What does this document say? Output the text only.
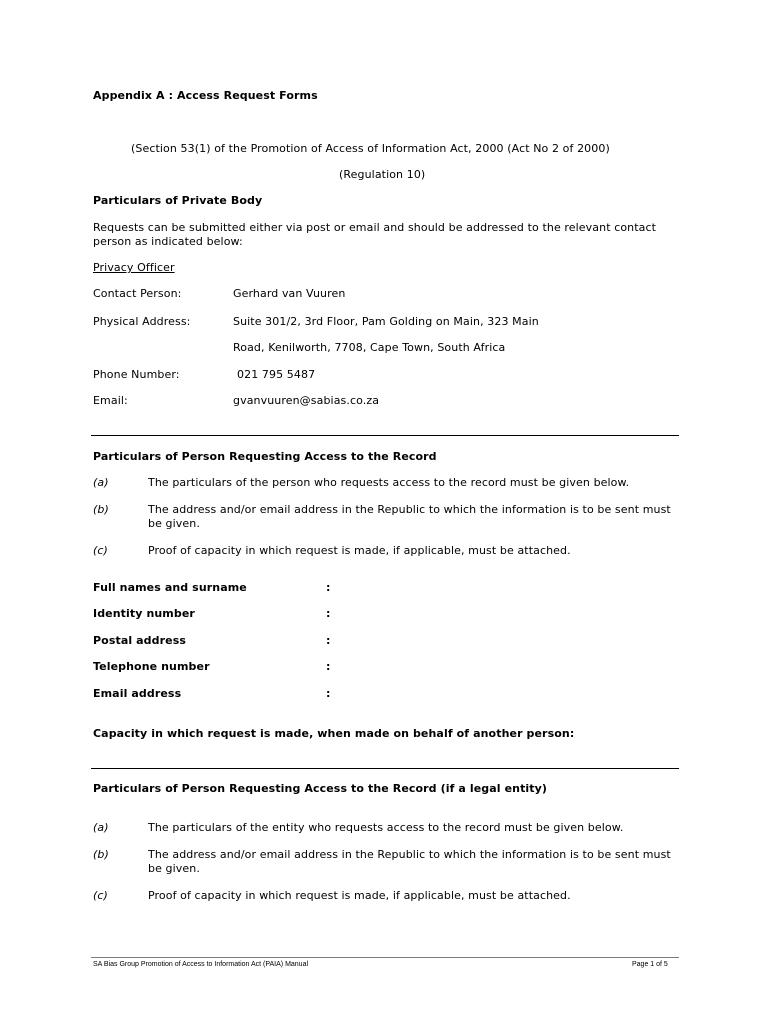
Appendix A : Access Request Forms
(Section 53(1) of the Promotion of Access of Information Act, 2000 (Act No 2 of 2000)
(Regulation 10)
Particulars of Private Body
Requests can be submitted either via post or email and should be addressed to the relevant contact person as indicated below:
Privacy Officer
Contact Person:	Gerhard van Vuuren
Physical Address:	Suite 301/2, 3rd Floor, Pam Golding on Main, 323 Main
Road, Kenilworth, 7708, Cape Town, South Africa
Phone Number:	021 795 5487
Email:	gvanvuuren@sabias.co.za
Particulars of Person Requesting Access to the Record
(a)	The particulars of the person who requests access to the record must be given below.
(b)	The address and/or email address in the Republic to which the information is to be sent must be given.
(c)	Proof of capacity in which request is made, if applicable, must be attached.
Full names and surname	:
Identity number	:
Postal address	:
Telephone number	:
Email address	:
Capacity in which request is made, when made on behalf of another person:
Particulars of Person Requesting Access to the Record (if a legal entity)
(a)	The particulars of the entity who requests access to the record must be given below.
(b)	The address and/or email address in the Republic to which the information is to be sent must be given.
(c)	Proof of capacity in which request is made, if applicable, must be attached.
SA Bias Group Promotion of Access to Information Act (PAIA) Manual	Page 1 of 5
